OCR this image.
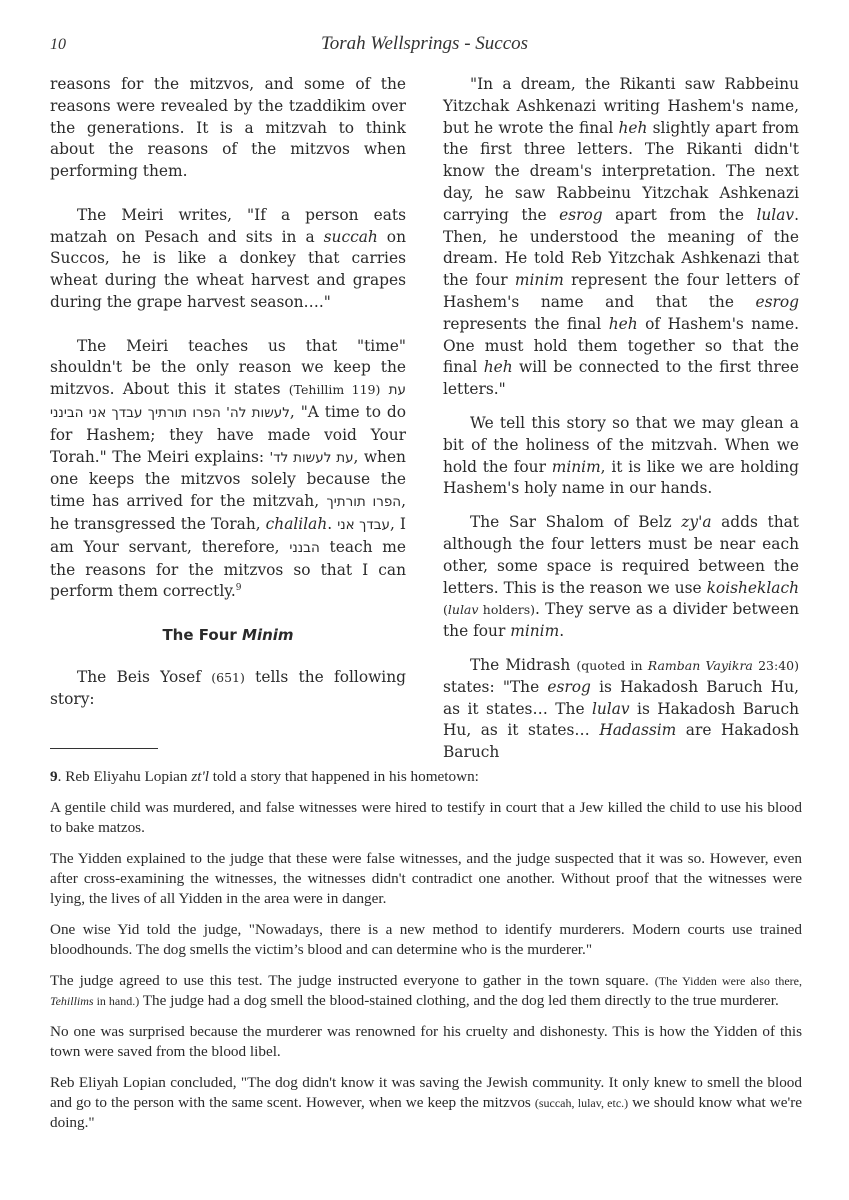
10	Torah Wellsprings - Succos

reasons for the mitzvos, and some of the reasons were revealed by the tzaddikim over the generations. It is a mitzvah to think about the reasons of the mitzvos when performing them.

The Meiri writes, "If a person eats matzah on Pesach and sits in a succah on Succos, he is like a donkey that carries wheat during the wheat harvest and grapes during the grape harvest season…."

The Meiri teaches us that "time" shouldn't be the only reason we keep the mitzvos. About this it states (Tehillim 119) עת לעשות לה' הפרו תורתיך עבדך אני הבינני, "A time to do for Hashem; they have made void Your Torah." The Meiri explains: עת לעשות לד', when one keeps the mitzvos solely because the time has arrived for the mitzvah, הפרו תורתיך, he transgressed the Torah, chalilah. עבדך אני, I am Your servant, therefore, הבנני teach me the reasons for the mitzvos so that I can perform them correctly.$^9$

The Four Minim

The Beis Yosef (651) tells the following story:

"In a dream, the Rikanti saw Rabbeinu Yitzchak Ashkenazi writing Hashem's name, but he wrote the final heh slightly apart from the first three letters. The Rikanti didn't know the dream's interpretation. The next day, he saw Rabbeinu Yitzchak Ashkenazi carrying the esrog apart from the lulav. Then, he understood the meaning of the dream. He told Reb Yitzchak Ashkenazi that the four minim represent the four letters of Hashem's name and that the esrog represents the final heh of Hashem's name. One must hold them together so that the final heh will be connected to the first three letters."

We tell this story so that we may glean a bit of the holiness of the mitzvah. When we hold the four minim, it is like we are holding Hashem's holy name in our hands.

The Sar Shalom of Belz zy'a adds that although the four letters must be near each other, some space is required between the letters. This is the reason we use koisheklach (lulav holders). They serve as a divider between the four minim.

The Midrash (quoted in Ramban Vayikra 23:40) states: "The esrog is Hakadosh Baruch Hu, as it states… The lulav is Hakadosh Baruch Hu, as it states… Hadassim are Hakadosh Baruch

9. Reb Eliyahu Lopian zt'l told a story that happened in his hometown:

A gentile child was murdered, and false witnesses were hired to testify in court that a Jew killed the child to use his blood to bake matzos.

The Yidden explained to the judge that these were false witnesses, and the judge suspected that it was so. However, even after cross-examining the witnesses, the witnesses didn't contradict one another. Without proof that the witnesses were lying, the lives of all Yidden in the area were in danger.

One wise Yid told the judge, "Nowadays, there is a new method to identify murderers. Modern courts use trained bloodhounds. The dog smells the victim’s blood and can determine who is the murderer."

The judge agreed to use this test. The judge instructed everyone to gather in the town square. (The Yidden were also there, Tehillims in hand.) The judge had a dog smell the blood-stained clothing, and the dog led them directly to the true murderer.

No one was surprised because the murderer was renowned for his cruelty and dishonesty. This is how the Yidden of this town were saved from the blood libel.

Reb Eliyah Lopian concluded, "The dog didn't know it was saving the Jewish community. It only knew to smell the blood and go to the person with the same scent. However, when we keep the mitzvos (succah, lulav, etc.) we should know what we're doing."
